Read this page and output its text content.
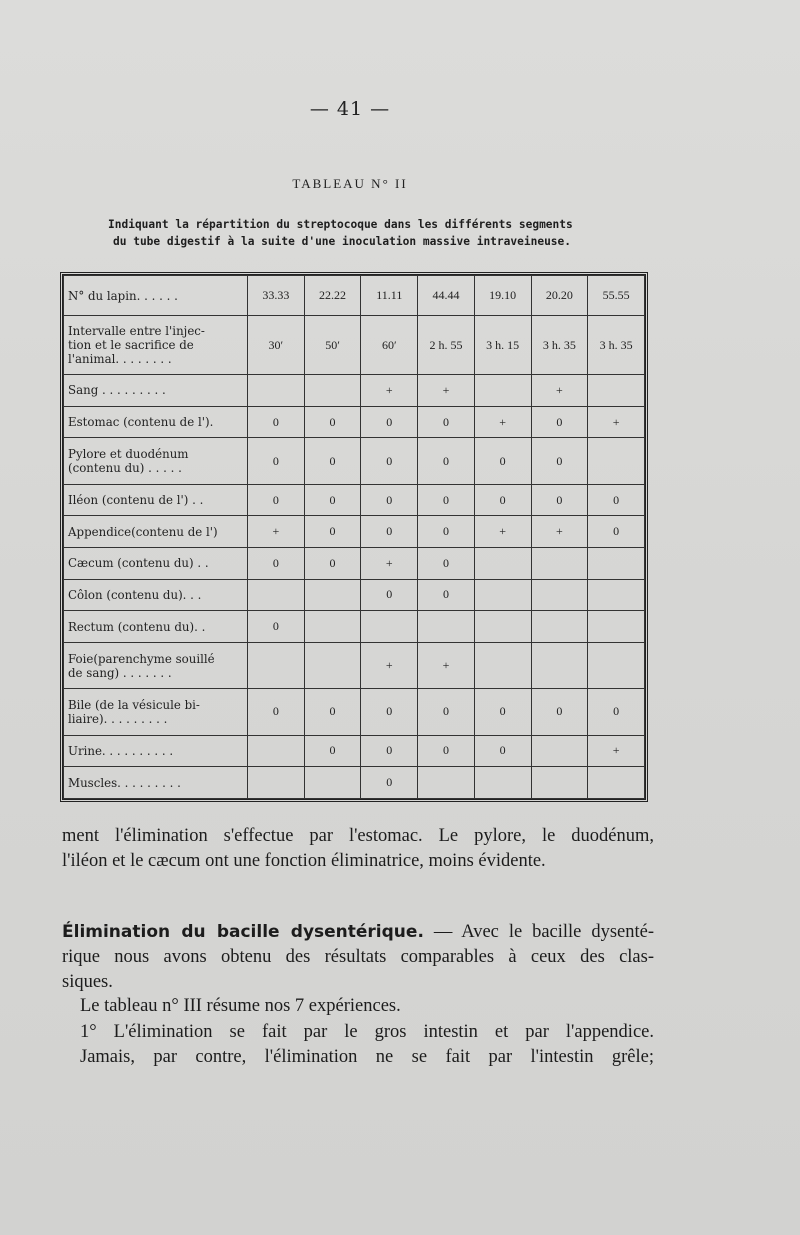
— 41 —
TABLEAU N° II
Indiquant la répartition du streptocoque dans les différents segments
du tube digestif à la suite d'une inoculation massive intraveineuse.
N° du lapin. . . . . .	33.33	22.22	11.11	44.44	19.10	20.20	55.55

Intervalle entre l'injec-
tion et le sacrifice de
l'animal. . . . . . . .	30′	50′	60′	2 h. 55	3 h. 15	3 h. 35	3 h. 35

Sang . . . . . . . . .			+	+		+	

Estomac (contenu de l').	0	0	0	0	+	0	+

Pylore et duodénum
(contenu du) . . . . .	0	0	0	0	0	0	

Iléon (contenu de l') . .	0	0	0	0	0	0	0

Appendice(contenu de l')	+	0	0	0	+	+	0

Cæcum (contenu du) . .	0	0	+	0			

Côlon (contenu du). . .			0	0			

Rectum (contenu du). .	0						

Foie(parenchyme souillé
de sang) . . . . . . .			+	+			

Bile (de la vésicule bi-
liaire). . . . . . . . .	0	0	0	0	0	0	0

Urine. . . . . . . . . .		0	0	0	0		+

Muscles. . . . . . . . .			0				
ment l'élimination s'effectue par l'estomac. Le pylore, le duodénum,
l'iléon et le cæcum ont une fonction éliminatrice, moins évidente.
Élimination du bacille dysentérique. — Avec le bacille dysenté-
rique nous avons obtenu des résultats comparables à ceux des clas-
siques.
Le tableau n° III résume nos 7 expériences.
1° L'élimination se fait par le gros intestin et par l'appendice.
Jamais, par contre, l'élimination ne se fait par l'intestin grêle;
